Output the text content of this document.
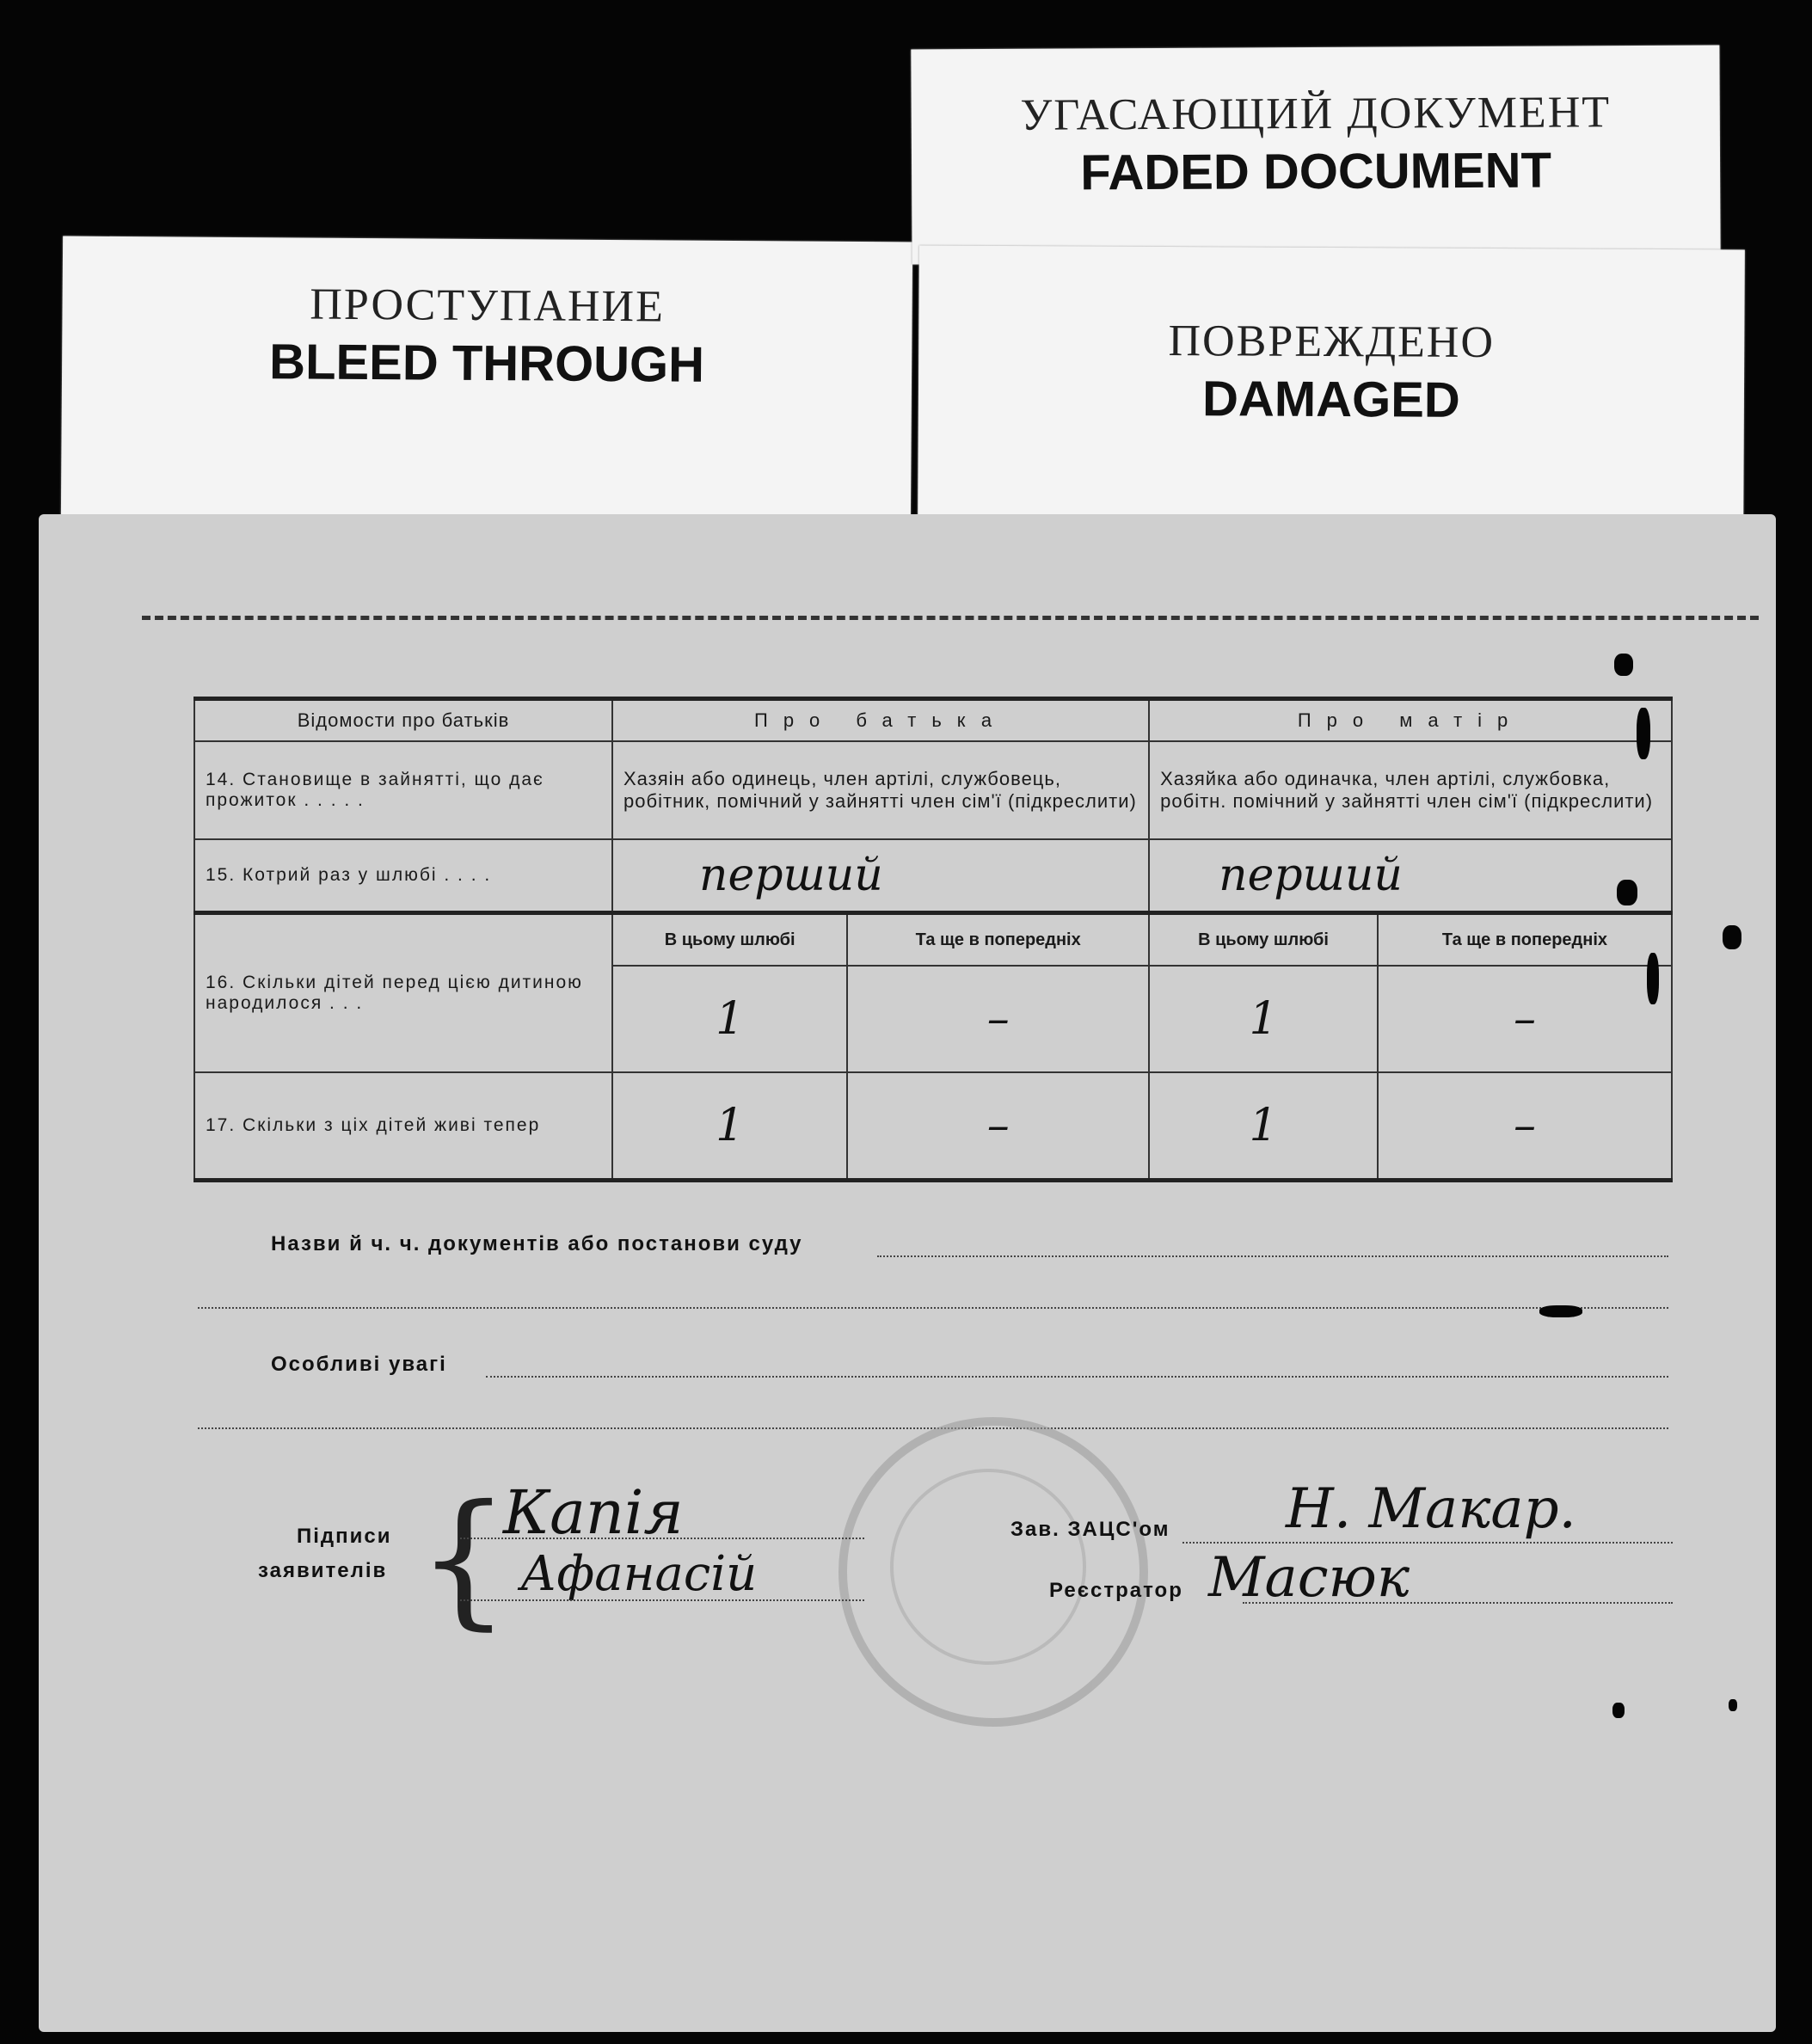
ПРОСТУПАНИЕ
BLEED THROUGH
УГАСАЮЩИЙ ДОКУМЕНТ
FADED DOCUMENT
ПОВРЕЖДЕНО
DAMAGED
Відомости про батьків	Про батька		Про матір	
14. Становище в зайнятті, що дає прожиток . . . . .	Хазяін або одинець, член артілі, службовець, робітник, помічний у зайнятті член сім'ї (підкреслити)		Хазяйка або одиначка, член артілі, службовка, робітн. помічний у зайнятті член сім'ї (підкреслити)	
15. Котрий раз у шлюбі . . . .	перший		перший	
16. Скільки дітей перед цією дитиною народилося . . .	В цьому шлюбі	Та ще в попередніх	В цьому шлюбі	Та ще в попередніх
	1	–	1	–
17. Скільки з ціх дітей живі тепер	1	–	1	–
Назви й ч. ч. документів або постанови суду
Особливі увагі
Підписи
заявителів {
Капія
Афанасій
Зав. ЗАЦС'ом Н. Макар.
Реєстратор Масюк
